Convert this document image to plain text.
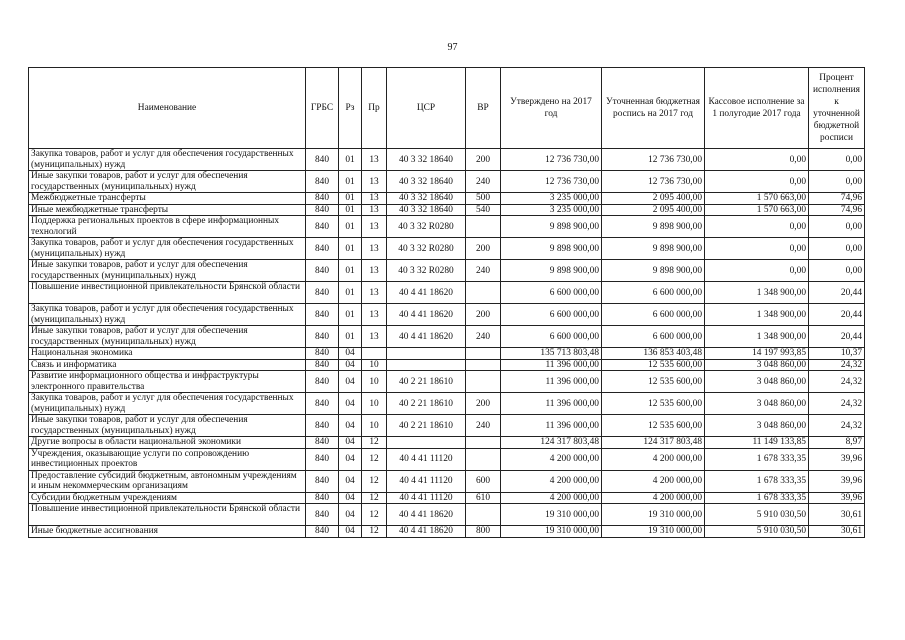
97
Наименование	ГРБС	Рз	Пр	ЦСР	ВР	Утверждено на 2017 год	Уточненная бюджетная роспись на 2017 год	Кассовое исполнение за 1 полугодие 2017 года	Процент исполнения к уточненной бюджетной росписи
Закупка товаров, работ и услуг для обеспечения государственных (муниципальных) нужд	840	01	13	40 3 32 18640	200	12 736 730,00	12 736 730,00	0,00	0,00
Иные закупки товаров, работ и услуг для обеспечения государственных (муниципальных) нужд	840	01	13	40 3 32 18640	240	12 736 730,00	12 736 730,00	0,00	0,00
Межбюджетные трансферты	840	01	13	40 3 32 18640	500	3 235 000,00	2 095 400,00	1 570 663,00	74,96
Иные межбюджетные трансферты	840	01	13	40 3 32 18640	540	3 235 000,00	2 095 400,00	1 570 663,00	74,96
Поддержка региональных проектов в сфере информационных технологий	840	01	13	40 3 32 R0280		9 898 900,00	9 898 900,00	0,00	0,00
Закупка товаров, работ и услуг для обеспечения государственных (муниципальных) нужд	840	01	13	40 3 32 R0280	200	9 898 900,00	9 898 900,00	0,00	0,00
Иные закупки товаров, работ и услуг для обеспечения государственных (муниципальных) нужд	840	01	13	40 3 32 R0280	240	9 898 900,00	9 898 900,00	0,00	0,00
Повышение инвестиционной привлекательности Брянской области	840	01	13	40 4 41 18620		6 600 000,00	6 600 000,00	1 348 900,00	20,44
Закупка товаров, работ и услуг для обеспечения государственных (муниципальных) нужд	840	01	13	40 4 41 18620	200	6 600 000,00	6 600 000,00	1 348 900,00	20,44
Иные закупки товаров, работ и услуг для обеспечения государственных (муниципальных) нужд	840	01	13	40 4 41 18620	240	6 600 000,00	6 600 000,00	1 348 900,00	20,44
Национальная экономика	840	04				135 713 803,48	136 853 403,48	14 197 993,85	10,37
Связь и информатика	840	04	10			11 396 000,00	12 535 600,00	3 048 860,00	24,32
Развитие информационного общества и инфраструктуры электронного правительства	840	04	10	40 2 21 18610		11 396 000,00	12 535 600,00	3 048 860,00	24,32
Закупка товаров, работ и услуг для обеспечения государственных (муниципальных) нужд	840	04	10	40 2 21 18610	200	11 396 000,00	12 535 600,00	3 048 860,00	24,32
Иные закупки товаров, работ и услуг для обеспечения государственных (муниципальных) нужд	840	04	10	40 2 21 18610	240	11 396 000,00	12 535 600,00	3 048 860,00	24,32
Другие вопросы в области национальной экономики	840	04	12			124 317 803,48	124 317 803,48	11 149 133,85	8,97
Учреждения, оказывающие услуги по сопровождению инвестиционных проектов	840	04	12	40 4 41 11120		4 200 000,00	4 200 000,00	1 678 333,35	39,96
Предоставление субсидий бюджетным, автономным учреждениям и иным некоммерческим организациям	840	04	12	40 4 41 11120	600	4 200 000,00	4 200 000,00	1 678 333,35	39,96
Субсидии бюджетным учреждениям	840	04	12	40 4 41 11120	610	4 200 000,00	4 200 000,00	1 678 333,35	39,96
Повышение инвестиционной привлекательности Брянской области	840	04	12	40 4 41 18620		19 310 000,00	19 310 000,00	5 910 030,50	30,61
Иные бюджетные ассигнования	840	04	12	40 4 41 18620	800	19 310 000,00	19 310 000,00	5 910 030,50	30,61
